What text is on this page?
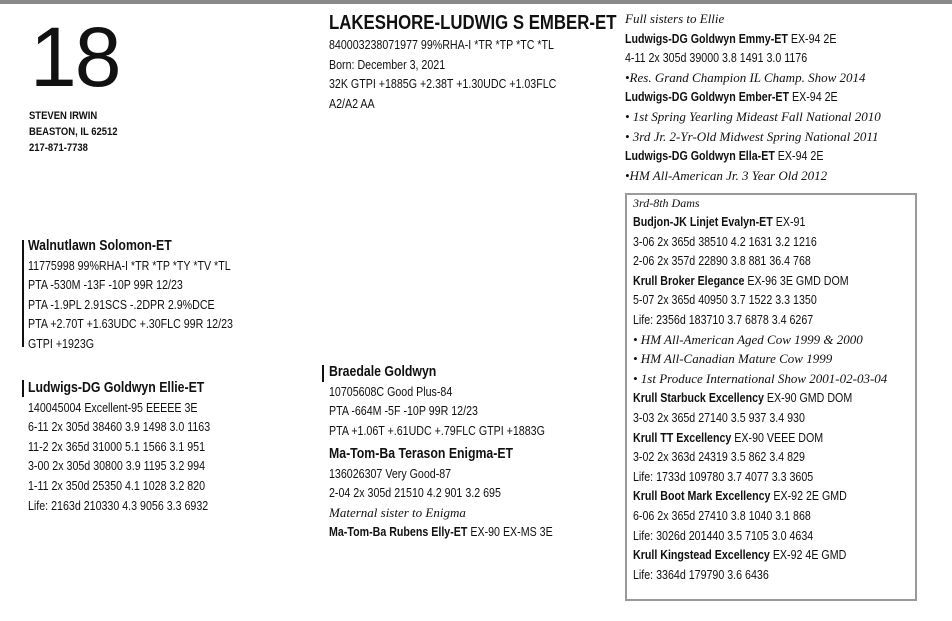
18
STEVEN IRWIN
BEASTON, IL 62512
217-871-7738
LAKESHORE-LUDWIG S EMBER-ET
840003238071977 99%RHA-I *TR *TP *TC *TL
Born: December 3, 2021
32K GTPI +1885G +2.38T +1.30UDC +1.03FLC
A2/A2 AA
Full sisters to Ellie
Ludwigs-DG Goldwyn Emmy-ET EX-94 2E
4-11 2x 305d 39000 3.8 1491 3.0 1176
•Res. Grand Champion IL Champ. Show 2014
Ludwigs-DG Goldwyn Ember-ET EX-94 2E
• 1st Spring Yearling Mideast Fall National 2010
• 3rd Jr. 2-Yr-Old Midwest Spring National 2011
Ludwigs-DG Goldwyn Ella-ET EX-94 2E
•HM All-American Jr. 3 Year Old 2012
Walnutlawn Solomon-ET
11775998 99%RHA-I *TR *TP *TY *TV *TL
PTA -530M -13F -10P 99R 12/23
PTA -1.9PL 2.91SCS -.2DPR 2.9%DCE
PTA +2.70T +1.63UDC +.30FLC 99R 12/23
GTPI +1923G
Ludwigs-DG Goldwyn Ellie-ET
140045004 Excellent-95 EEEEE 3E
6-11 2x 305d 38460 3.9 1498 3.0 1163
11-2 2x 365d 31000 5.1 1566 3.1 951
3-00 2x 305d 30800 3.9 1195 3.2 994
1-11 2x 350d 25350 4.1 1028 3.2 820
Life: 2163d 210330 4.3 9056 3.3 6932
Braedale Goldwyn
10705608C Good Plus-84
PTA -664M -5F -10P 99R 12/23
PTA +1.06T +.61UDC +.79FLC GTPI +1883G
Ma-Tom-Ba Terason Enigma-ET
136026307 Very Good-87
2-04 2x 305d 21510 4.2 901 3.2 695
Maternal sister to Enigma
Ma-Tom-Ba Rubens Elly-ET EX-90 EX-MS 3E
3rd-8th Dams
Budjon-JK Linjet Evalyn-ET EX-91
3-06 2x 365d 38510 4.2 1631 3.2 1216
2-06 2x 357d 22890 3.8 881 36.4 768
Krull Broker Elegance EX-96 3E GMD DOM
5-07 2x 365d 40950 3.7 1522 3.3 1350
Life: 2356d 183710 3.7 6878 3.4 6267
• HM All-American Aged Cow 1999 & 2000
• HM All-Canadian Mature Cow 1999
• 1st Produce International Show 2001-02-03-04
Krull Starbuck Excellency EX-90 GMD DOM
3-03 2x 365d 27140 3.5 937 3.4 930
Krull TT Excellency EX-90 VEEE DOM
3-02 2x 363d 24319 3.5 862 3.4 829
Life: 1733d 109780 3.7 4077 3.3 3605
Krull Boot Mark Excellency EX-92 2E GMD
6-06 2x 365d 27410 3.8 1040 3.1 868
Life: 3026d 201440 3.5 7105 3.0 4634
Krull Kingstead Excellency EX-92 4E GMD
Life: 3364d 179790 3.6 6436
